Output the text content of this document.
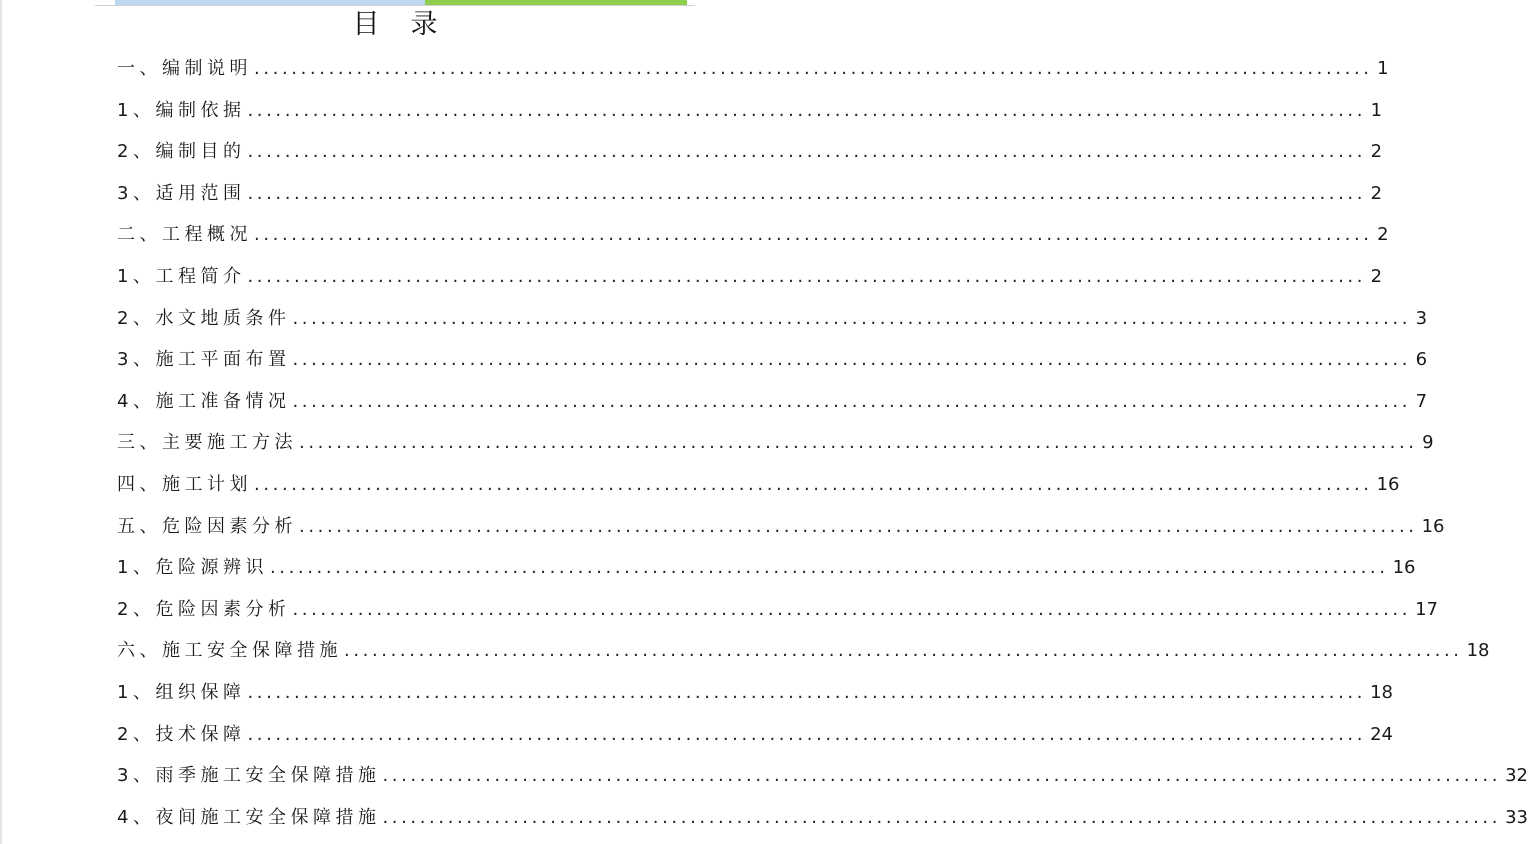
目　录
一、编制说明 ........................................................................................................................ 1
1、编制依据 ........................................................................................................................ 1
2、编制目的 ........................................................................................................................ 2
3、适用范围 ........................................................................................................................ 2
二、工程概况 ........................................................................................................................ 2
1、工程简介 ........................................................................................................................ 2
2、水文地质条件 ........................................................................................................................ 3
3、施工平面布置 ........................................................................................................................ 6
4、施工准备情况 ........................................................................................................................ 7
三、主要施工方法 ........................................................................................................................ 9
四、施工计划 ........................................................................................................................ 16
五、危险因素分析 ........................................................................................................................ 16
1、危险源辨识 ........................................................................................................................ 16
2、危险因素分析 ........................................................................................................................ 17
六、施工安全保障措施 ........................................................................................................................ 18
1、组织保障 ........................................................................................................................ 18
2、技术保障 ........................................................................................................................ 24
3、雨季施工安全保障措施 ........................................................................................................................ 32
4、夜间施工安全保障措施 ........................................................................................................................ 33
